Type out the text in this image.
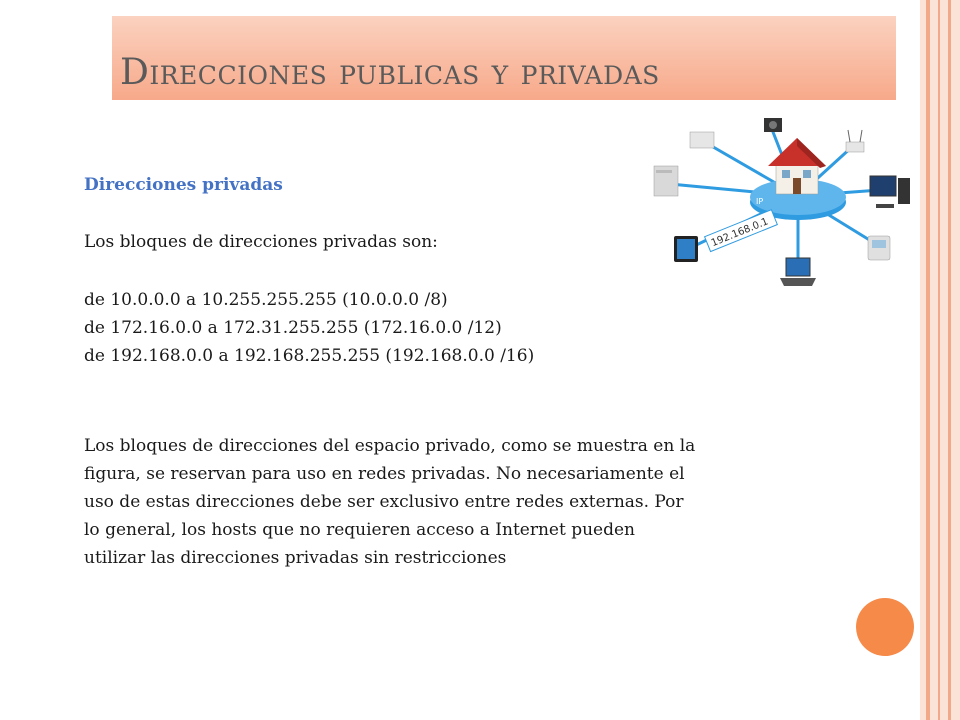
Direcciones publicas y privadas
Direcciones privadas
Los bloques de direcciones privadas son:
de 10.0.0.0 a 10.255.255.255 (10.0.0.0 /8)
de 172.16.0.0 a 172.31.255.255 (172.16.0.0 /12)
de 192.168.0.0 a 192.168.255.255 (192.168.0.0 /16)
Los bloques de direcciones del espacio privado, como se muestra en la
figura, se reservan para uso en redes privadas. No necesariamente el
uso de estas direcciones debe ser exclusivo entre redes externas. Por
lo general, los hosts que no requieren acceso a Internet pueden
utilizar las direcciones privadas sin restricciones
IP
192.168.0.1
